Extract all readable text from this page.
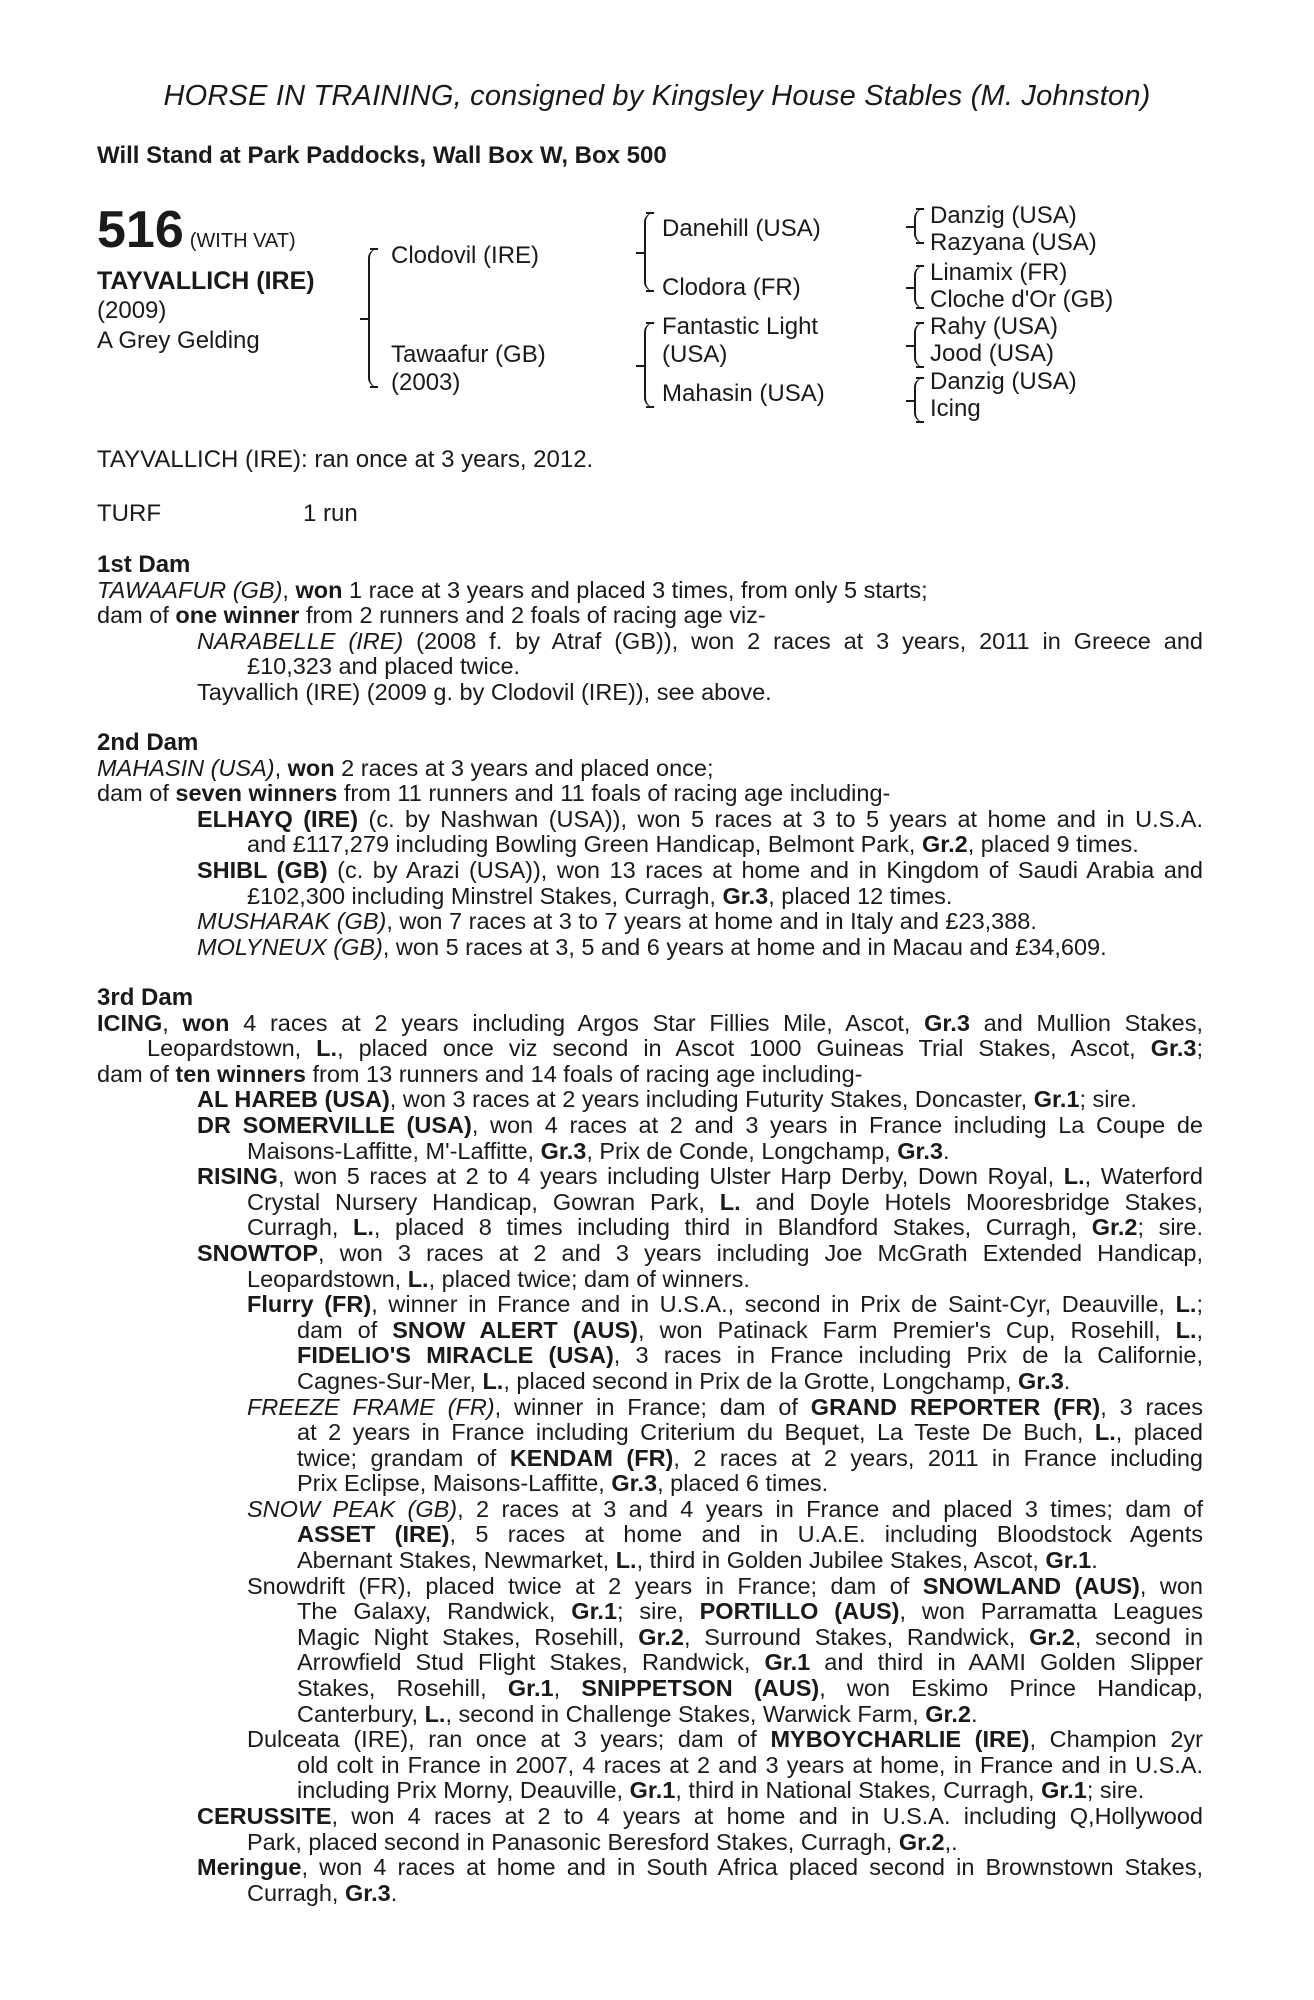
HORSE IN TRAINING, consigned by Kingsley House Stables (M. Johnston)
Will Stand at Park Paddocks, Wall Box W, Box 500
516 (WITH VAT)
TAYVALLICH (IRE)
(2009)
A Grey Gelding
Clodovil (IRE)
Tawaafur (GB)
(2003)
Danehill (USA)
Clodora (FR)
Fantastic Light
(USA)
Mahasin (USA)
Danzig (USA)
Razyana (USA)
Linamix (FR)
Cloche d'Or (GB)
Rahy (USA)
Jood (USA)
Danzig (USA)
Icing
TAYVALLICH (IRE): ran once at 3 years, 2012.
TURF	1 run
1st Dam
TAWAAFUR (GB), won 1 race at 3 years and placed 3 times, from only 5 starts;
dam of one winner from 2 runners and 2 foals of racing age viz-
NARABELLE (IRE) (2008 f. by Atraf (GB)), won 2 races at 3 years, 2011 in Greece and
£10,323 and placed twice.
Tayvallich (IRE) (2009 g. by Clodovil (IRE)), see above.
2nd Dam
MAHASIN (USA), won 2 races at 3 years and placed once;
dam of seven winners from 11 runners and 11 foals of racing age including-
ELHAYQ (IRE) (c. by Nashwan (USA)), won 5 races at 3 to 5 years at home and in U.S.A.
and £117,279 including Bowling Green Handicap, Belmont Park, Gr.2, placed 9 times.
SHIBL (GB) (c. by Arazi (USA)), won 13 races at home and in Kingdom of Saudi Arabia and
£102,300 including Minstrel Stakes, Curragh, Gr.3, placed 12 times.
MUSHARAK (GB), won 7 races at 3 to 7 years at home and in Italy and £23,388.
MOLYNEUX (GB), won 5 races at 3, 5 and 6 years at home and in Macau and £34,609.
3rd Dam
ICING, won 4 races at 2 years including Argos Star Fillies Mile, Ascot, Gr.3 and Mullion Stakes,
Leopardstown, L., placed once viz second in Ascot 1000 Guineas Trial Stakes, Ascot, Gr.3;
dam of ten winners from 13 runners and 14 foals of racing age including-
AL HAREB (USA), won 3 races at 2 years including Futurity Stakes, Doncaster, Gr.1; sire.
DR SOMERVILLE (USA), won 4 races at 2 and 3 years in France including La Coupe de
Maisons-Laffitte, M'-Laffitte, Gr.3, Prix de Conde, Longchamp, Gr.3.
RISING, won 5 races at 2 to 4 years including Ulster Harp Derby, Down Royal, L., Waterford
Crystal Nursery Handicap, Gowran Park, L. and Doyle Hotels Mooresbridge Stakes,
Curragh, L., placed 8 times including third in Blandford Stakes, Curragh, Gr.2; sire.
SNOWTOP, won 3 races at 2 and 3 years including Joe McGrath Extended Handicap,
Leopardstown, L., placed twice; dam of winners.
Flurry (FR), winner in France and in U.S.A., second in Prix de Saint-Cyr, Deauville, L.;
dam of SNOW ALERT (AUS), won Patinack Farm Premier's Cup, Rosehill, L.,
FIDELIO'S MIRACLE (USA), 3 races in France including Prix de la Californie,
Cagnes-Sur-Mer, L., placed second in Prix de la Grotte, Longchamp, Gr.3.
FREEZE FRAME (FR), winner in France; dam of GRAND REPORTER (FR), 3 races
at 2 years in France including Criterium du Bequet, La Teste De Buch, L., placed
twice; grandam of KENDAM (FR), 2 races at 2 years, 2011 in France including
Prix Eclipse, Maisons-Laffitte, Gr.3, placed 6 times.
SNOW PEAK (GB), 2 races at 3 and 4 years in France and placed 3 times; dam of
ASSET (IRE), 5 races at home and in U.A.E. including Bloodstock Agents
Abernant Stakes, Newmarket, L., third in Golden Jubilee Stakes, Ascot, Gr.1.
Snowdrift (FR), placed twice at 2 years in France; dam of SNOWLAND (AUS), won
The Galaxy, Randwick, Gr.1; sire, PORTILLO (AUS), won Parramatta Leagues
Magic Night Stakes, Rosehill, Gr.2, Surround Stakes, Randwick, Gr.2, second in
Arrowfield Stud Flight Stakes, Randwick, Gr.1 and third in AAMI Golden Slipper
Stakes, Rosehill, Gr.1, SNIPPETSON (AUS), won Eskimo Prince Handicap,
Canterbury, L., second in Challenge Stakes, Warwick Farm, Gr.2.
Dulceata (IRE), ran once at 3 years; dam of MYBOYCHARLIE (IRE), Champion 2yr
old colt in France in 2007, 4 races at 2 and 3 years at home, in France and in U.S.A.
including Prix Morny, Deauville, Gr.1, third in National Stakes, Curragh, Gr.1; sire.
CERUSSITE, won 4 races at 2 to 4 years at home and in U.S.A. including Q,Hollywood
Park, placed second in Panasonic Beresford Stakes, Curragh, Gr.2,.
Meringue, won 4 races at home and in South Africa placed second in Brownstown Stakes,
Curragh, Gr.3.
